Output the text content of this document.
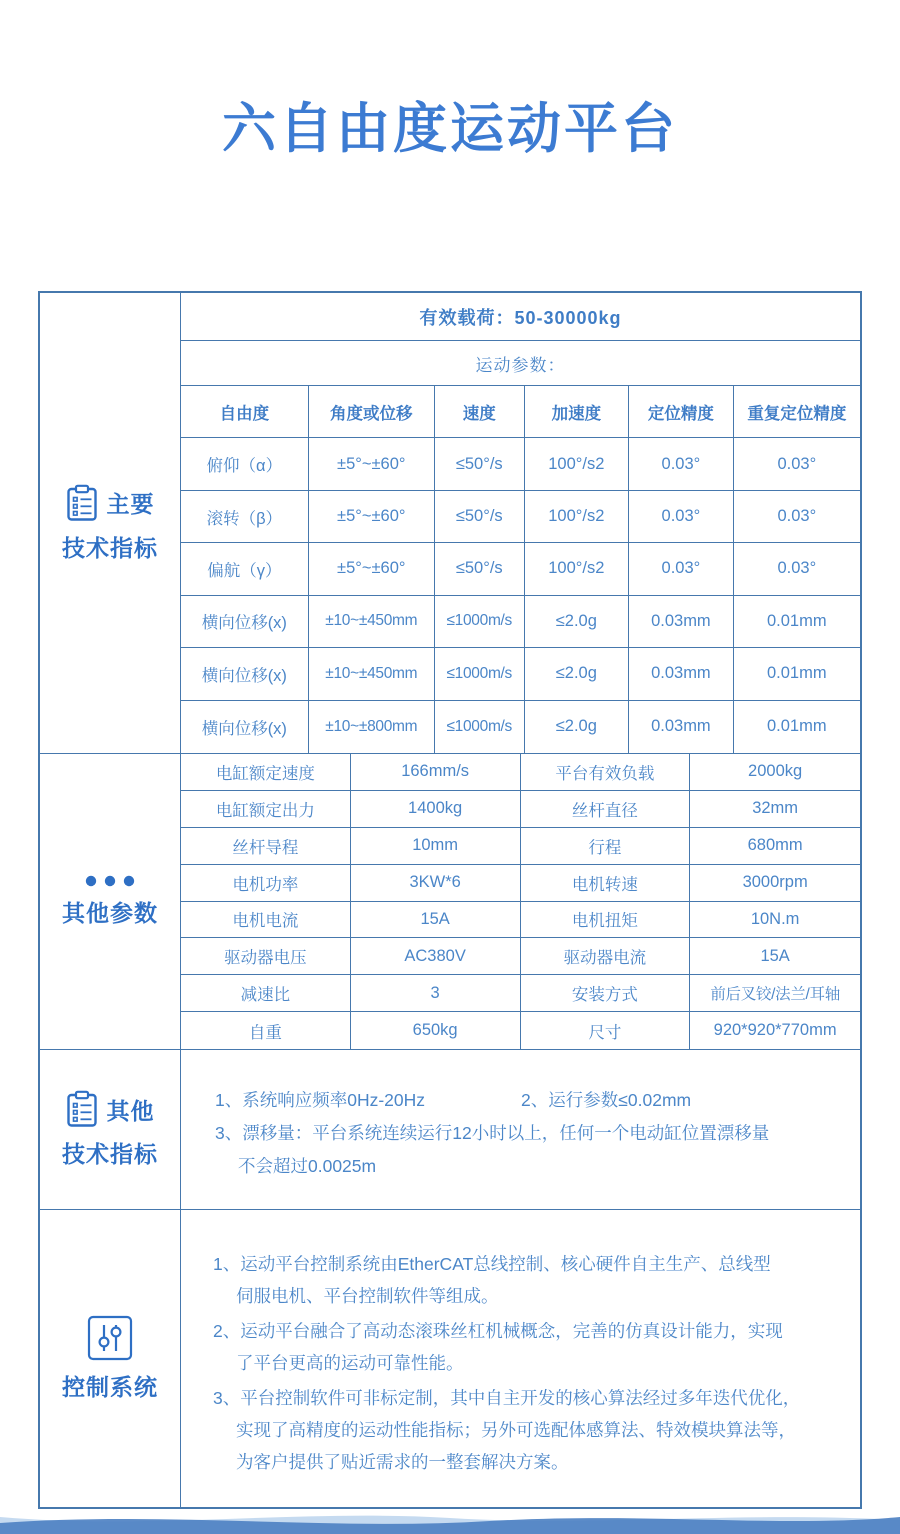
六自由度运动平台
主要
技术指标
有效载荷：50-30000kg
运动参数：
自由度	角度或位移	速度	加速度	定位精度	重复定位精度
俯仰（α）	±5°~±60°	≤50°/s	100°/s2	0.03°	0.03°
滚转（β）	±5°~±60°	≤50°/s	100°/s2	0.03°	0.03°
偏航（γ）	±5°~±60°	≤50°/s	100°/s2	0.03°	0.03°
横向位移(x)	±10~±450mm	≤1000m/s	≤2.0g	0.03mm	0.01mm
横向位移(x)	±10~±450mm	≤1000m/s	≤2.0g	0.03mm	0.01mm
横向位移(x)	±10~±800mm	≤1000m/s	≤2.0g	0.03mm	0.01mm
其他参数
电缸额定速度	166mm/s	平台有效负载	2000kg
电缸额定出力	1400kg	丝杆直径	32mm
丝杆导程	10mm	行程	680mm
电机功率	3KW*6	电机转速	3000rpm
电机电流	15A	电机扭矩	10N.m
驱动器电压	AC380V	驱动器电流	15A
减速比	3	安装方式	前后叉铰/法兰/耳轴
自重	650kg	尺寸	920*920*770mm
其他
技术指标
1、系统响应频率0Hz-20Hz	2、运行参数≤0.02mm
3、漂移量：平台系统连续运行12小时以上，任何一个电动缸位置漂移量
不会超过0.0025m
控制系统
1、运动平台控制系统由EtherCAT总线控制、核心硬件自主生产、总线型
伺服电机、平台控制软件等组成。
2、运动平台融合了高动态滚珠丝杠机械概念，完善的仿真设计能力，实现
了平台更高的运动可靠性能。
3、平台控制软件可非标定制，其中自主开发的核心算法经过多年迭代优化，
实现了高精度的运动性能指标；另外可选配体感算法、特效模块算法等，
为客户提供了贴近需求的一整套解决方案。
